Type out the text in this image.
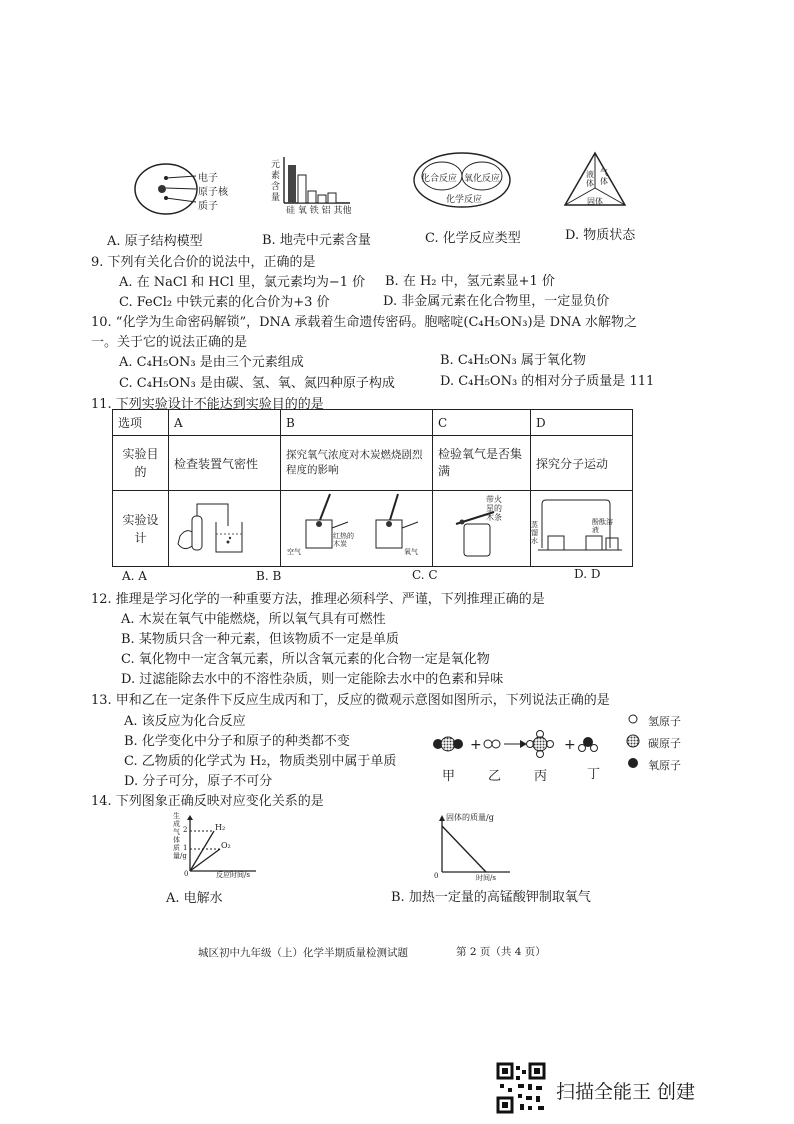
电子
原子核
质子
元素含量
硅 氧 铁 铝 其他
化合反应 氧化反应
化学反应
液体
气体
固体
A. 原子结构模型	B. 地壳中元素含量	C. 化学反应类型	D. 物质状态
9. 下列有关化合价的说法中，正确的是
A. 在 NaCl 和 HCl 里，氯元素均为−1 价 B. 在 H₂ 中，氢元素显+1 价
C. FeCl₂ 中铁元素的化合价为+3 价	D. 非金属元素在化合物里，一定显负价
10. “化学为生命密码解锁”，DNA 承载着生命遗传密码。胞嘧啶(C₄H₅ON₃)是 DNA 水解物之
一。关于它的说法正确的是
A. C₄H₅ON₃ 是由三个元素组成	B. C₄H₅ON₃ 属于氧化物
C. C₄H₅ON₃ 是由碳、氢、氧、氮四种原子构成	D. C₄H₅ON₃ 的相对分子质量是 111
11. 下列实验设计不能达到实验目的的是
选项	A	B	C	D
实验目的	检查装置气密性	探究氧气浓度对木炭燃烧剧烈程度的影响	检验氧气是否集满	探究分子运动
实验设计				
空气
红热的木炭
氧气
带火星的木条
蒸馏水
酚酞溶液
A. A	B. B	C. C	D. D
12. 推理是学习化学的一种重要方法，推理必须科学、严谨，下列推理正确的是
A. 木炭在氧气中能燃烧，所以氧气具有可燃性
B. 某物质只含一种元素，但该物质不一定是单质
C. 氧化物中一定含氧元素，所以含氧元素的化合物一定是氧化物
D. 过滤能除去水中的不溶性杂质，则一定能除去水中的色素和异味
13. 甲和乙在一定条件下反应生成丙和丁，反应的微观示意图如图所示，下列说法正确的是
A. 该反应为化合反应
B. 化学变化中分子和原子的种类都不变
C. 乙物质的化学式为 H₂，物质类别中属于单质
D. 分子可分，原子不可分
+	+
甲	乙	丙	丁
氢原子
碳原子
氧原子
14. 下列图象正确反映对应变化关系的是
生成气体质量/g
H₂
O₂
2
1
0	反应时间/s
固体的质量/g
0	时间/s
A. 电解水	B. 加热一定量的高锰酸钾制取氧气
城区初中九年级（上）化学半期质量检测试题	第 2 页（共 4 页）
扫描全能王 创建
